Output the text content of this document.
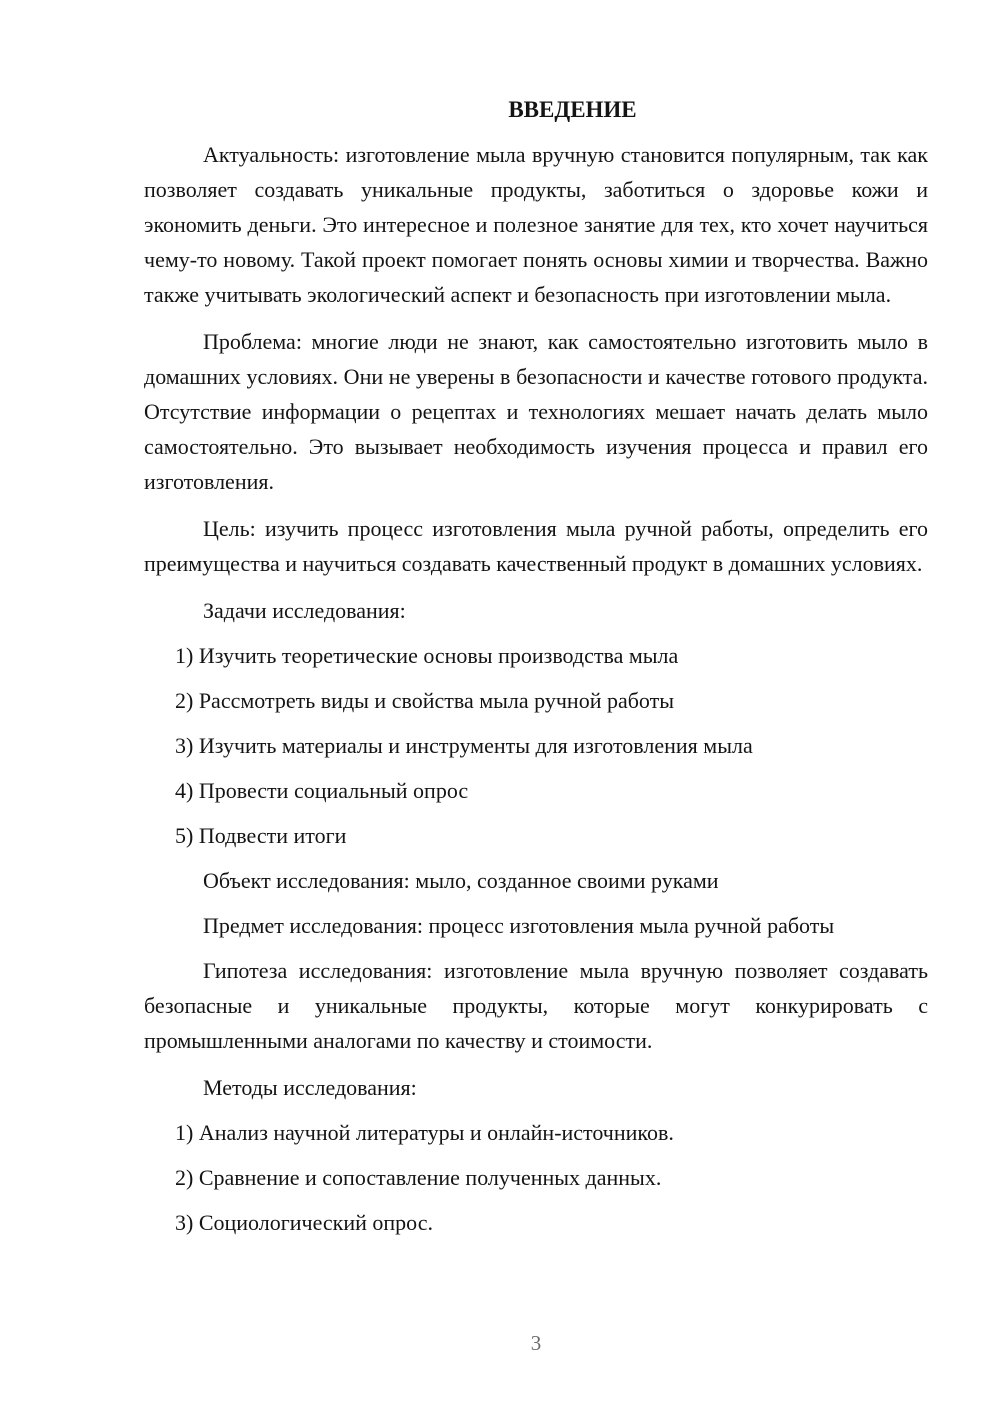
ВВЕДЕНИЕ

Актуальность: изготовление мыла вручную становится популярным, так как позволяет создавать уникальные продукты, заботиться о здоровье кожи и экономить деньги. Это интересное и полезное занятие для тех, кто хочет научиться чему-то новому. Такой проект помогает понять основы химии и творчества. Важно также учитывать экологический аспект и безопасность при изготовлении мыла.

Проблема: многие люди не знают, как самостоятельно изготовить мыло в домашних условиях. Они не уверены в безопасности и качестве готового продукта. Отсутствие информации о рецептах и технологиях мешает начать делать мыло самостоятельно. Это вызывает необходимость изучения процесса и правил его изготовления.

Цель: изучить процесс изготовления мыла ручной работы, определить его преимущества и научиться создавать качественный продукт в домашних условиях.

Задачи исследования:
1) Изучить теоретические основы производства мыла
2) Рассмотреть виды и свойства мыла ручной работы
3) Изучить материалы и инструменты для изготовления мыла
4) Провести социальный опрос
5) Подвести итоги
Объект исследования: мыло, созданное своими руками
Предмет исследования: процесс изготовления мыла ручной работы

Гипотеза исследования: изготовление мыла вручную позволяет создавать безопасные и уникальные продукты, которые могут конкурировать с промышленными аналогами по качеству и стоимости.

Методы исследования:
1) Анализ научной литературы и онлайн-источников.
2) Сравнение и сопоставление полученных данных.
3) Социологический опрос.
3
